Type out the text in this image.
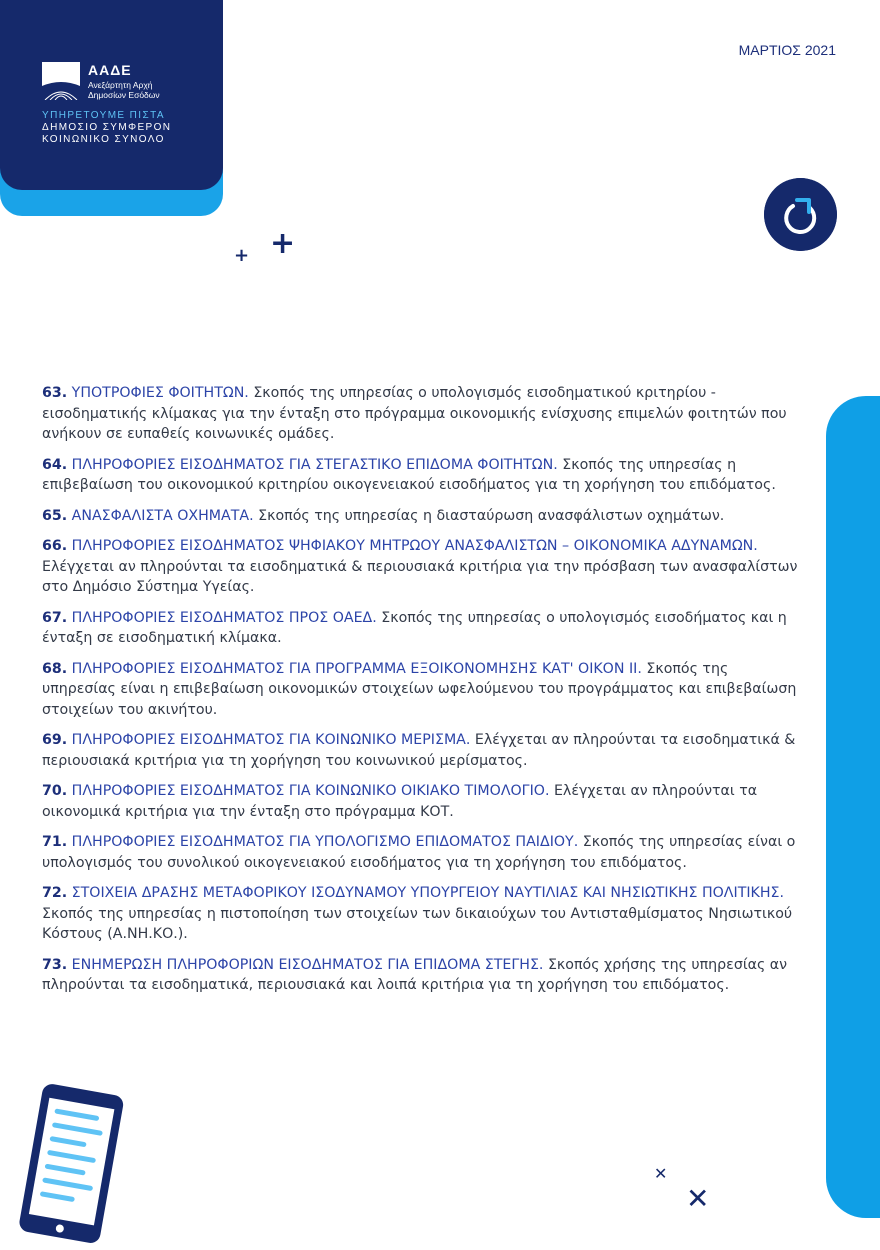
ΑΑΔΕ
Ανεξάρτητη Αρχή
Δημοσίων Εσόδων
ΥΠΗΡΕΤΟΥΜΕ ΠΙΣΤΑ
ΔΗΜΟΣΙΟ ΣΥΜΦΕΡΟΝ
ΚΟΙΝΩΝΙΚΟ ΣΥΝΟΛΟ
ΜΑΡΤΙΟΣ 2021
+ +

63. ΥΠΟΤΡΟΦΙΕΣ ΦΟΙΤΗΤΩΝ. Σκοπός της υπηρεσίας ο υπολογισμός εισοδηματικού κριτηρίου - εισοδηματικής κλίμακας για την ένταξη στο πρόγραμμα οικονομικής ενίσχυσης επιμελών φοιτητών που ανήκουν σε ευπαθείς κοινωνικές ομάδες.

64. ΠΛΗΡΟΦΟΡΙΕΣ ΕΙΣΟΔΗΜΑΤΟΣ ΓΙΑ ΣΤΕΓΑΣΤΙΚΟ ΕΠΙΔΟΜΑ ΦΟΙΤΗΤΩΝ. Σκοπός της υπηρεσίας η επιβεβαίωση του οικονομικού κριτηρίου οικογενειακού εισοδήματος για τη χορήγηση του επιδόματος.

65. ΑΝΑΣΦΑΛΙΣΤΑ ΟΧΗΜΑΤΑ. Σκοπός της υπηρεσίας η διασταύρωση ανασφάλιστων οχημάτων.

66. ΠΛΗΡΟΦΟΡΙΕΣ ΕΙΣΟΔΗΜΑΤΟΣ ΨΗΦΙΑΚΟΥ ΜΗΤΡΩΟΥ ΑΝΑΣΦΑΛΙΣΤΩΝ – ΟΙΚΟΝΟΜΙΚΑ ΑΔΥΝΑΜΩΝ. Ελέγχεται αν πληρούνται τα εισοδηματικά & περιουσιακά κριτήρια για την πρόσβαση των ανασφαλίστων στο Δημόσιο Σύστημα Υγείας.

67. ΠΛΗΡΟΦΟΡΙΕΣ ΕΙΣΟΔΗΜΑΤΟΣ ΠΡΟΣ ΟΑΕΔ. Σκοπός της υπηρεσίας ο υπολογισμός εισοδήματος και η ένταξη σε εισοδηματική κλίμακα.

68. ΠΛΗΡΟΦΟΡΙΕΣ ΕΙΣΟΔΗΜΑΤΟΣ ΓΙΑ ΠΡΟΓΡΑΜΜΑ ΕΞΟΙΚΟΝΟΜΗΣΗΣ ΚΑΤ' ΟΙΚΟΝ ΙΙ. Σκοπός της υπηρεσίας είναι η επιβεβαίωση οικονομικών στοιχείων ωφελούμενου του προγράμματος και επιβεβαίωση στοιχείων του ακινήτου.

69. ΠΛΗΡΟΦΟΡΙΕΣ ΕΙΣΟΔΗΜΑΤΟΣ ΓΙΑ ΚΟΙΝΩΝΙΚΟ ΜΕΡΙΣΜΑ. Ελέγχεται αν πληρούνται τα εισοδηματικά & περιουσιακά κριτήρια για τη χορήγηση του κοινωνικού μερίσματος.

70. ΠΛΗΡΟΦΟΡΙΕΣ ΕΙΣΟΔΗΜΑΤΟΣ ΓΙΑ ΚΟΙΝΩΝΙΚΟ ΟΙΚΙΑΚΟ ΤΙΜΟΛΟΓΙΟ. Ελέγχεται αν πληρούνται τα οικονομικά κριτήρια για την ένταξη στο πρόγραμμα ΚΟΤ.

71. ΠΛΗΡΟΦΟΡΙΕΣ ΕΙΣΟΔΗΜΑΤΟΣ ΓΙΑ ΥΠΟΛΟΓΙΣΜΟ ΕΠΙΔΟΜΑΤΟΣ ΠΑΙΔΙΟΥ. Σκοπός της υπηρεσίας είναι ο υπολογισμός του συνολικού οικογενειακού εισοδήματος για τη χορήγηση του επιδόματος.

72. ΣΤΟΙΧΕΙΑ ΔΡΑΣΗΣ ΜΕΤΑΦΟΡΙΚΟΥ ΙΣΟΔΥΝΑΜΟΥ ΥΠΟΥΡΓΕΙΟΥ ΝΑΥΤΙΛΙΑΣ ΚΑΙ ΝΗΣΙΩΤΙΚΗΣ ΠΟΛΙΤΙΚΗΣ. Σκοπός της υπηρεσίας η πιστοποίηση των στοιχείων των δικαιούχων του Αντισταθμίσματος Νησιωτικού Κόστους (Α.ΝΗ.ΚΟ.).

73. ΕΝΗΜΕΡΩΣΗ ΠΛΗΡΟΦΟΡΙΩΝ ΕΙΣΟΔΗΜΑΤΟΣ ΓΙΑ ΕΠΙΔΟΜΑ ΣΤΕΓΗΣ. Σκοπός χρήσης της υπηρεσίας αν πληρούνται τα εισοδηματικά, περιουσιακά και λοιπά κριτήρια για τη χορήγηση του επιδόματος.

✕
✕
